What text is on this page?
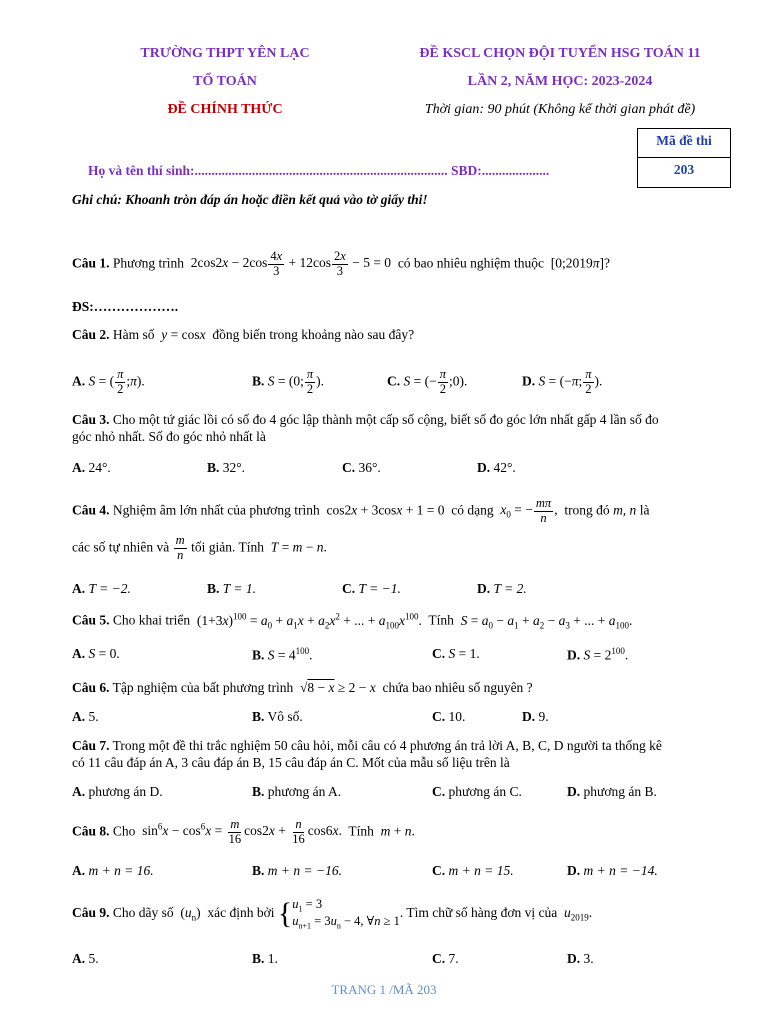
TRƯỜNG THPT YÊN LẠC
TỔ TOÁN
ĐỀ CHÍNH THỨC
ĐỀ KSCL CHỌN ĐỘI TUYỂN HSG TOÁN 11
LẦN 2, NĂM HỌC: 2023-2024
Thời gian: 90 phút (Không kể thời gian phát đề)
Mã đề thi
203
Họ và tên thí sinh:........................................................................... SBD:....................
Ghi chú: Khoanh tròn đáp án hoặc điền kết quả vào tờ giấy thi!
Câu 1. Phương trình  $2\cos 2x - 2\cos \frac{4x}{3} + 12\cos \frac{2x}{3} - 5 = 0$  có bao nhiêu nghiệm thuộc  [0;2019π]?
ĐS:……………….
Câu 2. Hàm số y = cosx đồng biến trong khoảng nào sau đây?
A. S = ( $\frac{\pi}{2}$ ;π).	B. S = (0; $\frac{\pi}{2}$ ).	C. S = (− $\frac{\pi}{2}$ ;0).	D. S = (−π; $\frac{\pi}{2}$ ).
Câu 3. Cho một tứ giác lồi có số đo 4 góc lập thành một cấp số cộng, biết số đo góc lớn nhất gấp 4 lần số đo
góc nhỏ nhất. Số đo góc nhỏ nhất là
A. 24°.	B. 32°.	C. 36°.	D. 42°.
Câu 4. Nghiệm âm lớn nhất của phương trình  cos2x + 3cosx + 1 = 0  có dạng $x_0$ = − $\frac{m\pi}{n}$ ,  trong đó m, n là
các số tự nhiên và $\frac{m}{n}$ tối giản. Tính T = m − n.
A. T = −2.	B. T = 1.	C. T = −1.	D. T = 2.
Câu 5. Cho khai triển  $(1+3x)^{100} = a_0 + a_1x + a_2x^2$ + ... + $a_{100}x^{100}$.  Tính $S = a_0 - a_1 + a_2 - a_3$ + ... + $a_{100}$.
A. S = 0.	B. $S = 4^{100}$.	C. S = 1.	D. $S = 2^{100}$.
Câu 6. Tập nghiệm của bất phương trình  √8 − x ≥ 2 − x chứa bao nhiêu số nguyên ?
A. 5.	B. Vô số.	C. 10.	D. 9.
Câu 7. Trong một đề thi trắc nghiệm 50 câu hỏi, mỗi câu có 4 phương án trả lời A, B, C, D người ta thống kê
có 11 câu đáp án A, 3 câu đáp án B, 15 câu đáp án C. Mốt của mẫu số liệu trên là
A. phương án D.	B. phương án A.	C. phương án C.	D. phương án B.
Câu 8. Cho  $\sin^6x - \cos^6x = \frac{m}{16} \cos 2x + \frac{n}{16} \cos 6x$.  Tính m + n.
A. m + n = 16.	B. m + n = −16.	C. m + n = 15.	D. m + n = −14.
Câu 9. Cho dãy số  $(u_n)$  xác định bởi { $u_1 = 3$
$u_{n+1} = 3u_n - 4$, ∀n ≥ 1
. Tìm chữ số hàng đơn vị của $u_{2019}$.
A. 5.	B. 1.	C. 7.	D. 3.
TRANG 1 /MÃ 203
